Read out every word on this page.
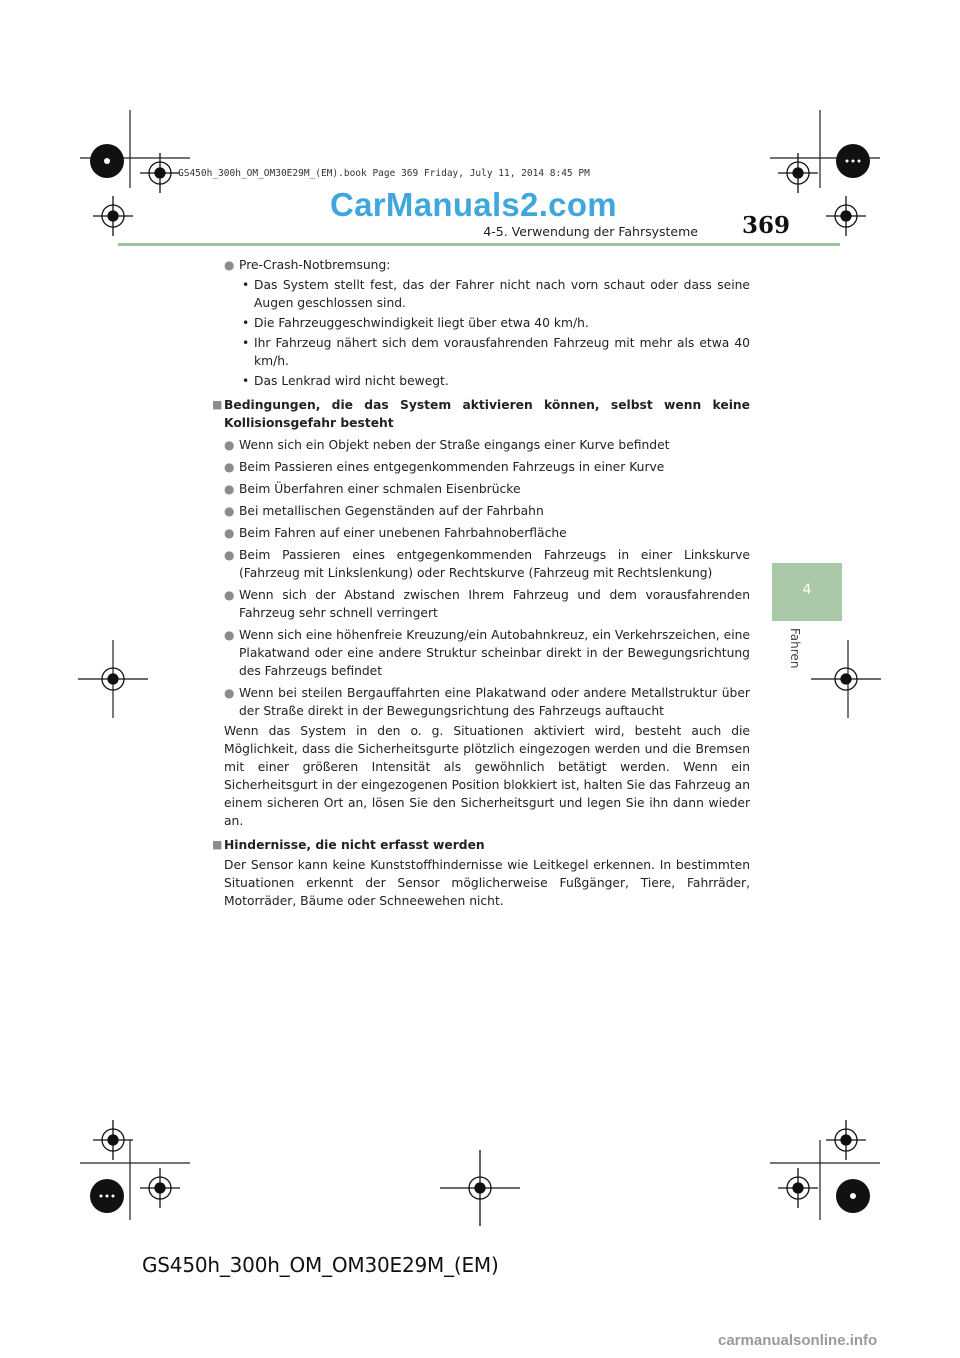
GS450h_300h_OM_OM30E29M_(EM).book Page 369 Friday, July 11, 2014 8:45 PM
CarManuals2.com
4-5. Verwendung der Fahrsysteme 369
4
Fahren
● Pre-Crash-Notbremsung:
• Das System stellt fest, das der Fahrer nicht nach vorn schaut oder dass seine Augen geschlossen sind.
• Die Fahrzeuggeschwindigkeit liegt über etwa 40 km/h.
• Ihr Fahrzeug nähert sich dem vorausfahrenden Fahrzeug mit mehr als etwa 40 km/h.
• Das Lenkrad wird nicht bewegt.
■ Bedingungen, die das System aktivieren können, selbst wenn keine Kollisionsgefahr besteht
● Wenn sich ein Objekt neben der Straße eingangs einer Kurve befindet
● Beim Passieren eines entgegenkommenden Fahrzeugs in einer Kurve
● Beim Überfahren einer schmalen Eisenbrücke
● Bei metallischen Gegenständen auf der Fahrbahn
● Beim Fahren auf einer unebenen Fahrbahnoberfläche
● Beim Passieren eines entgegenkommenden Fahrzeugs in einer Linkskurve (Fahrzeug mit Linkslenkung) oder Rechtskurve (Fahrzeug mit Rechtslenkung)
● Wenn sich der Abstand zwischen Ihrem Fahrzeug und dem vorausfahrenden Fahrzeug sehr schnell verringert
● Wenn sich eine höhenfreie Kreuzung/ein Autobahnkreuz, ein Verkehrszeichen, eine Plakatwand oder eine andere Struktur scheinbar direkt in der Bewegungsrichtung des Fahrzeugs befindet
● Wenn bei steilen Bergauffahrten eine Plakatwand oder andere Metallstruktur über der Straße direkt in der Bewegungsrichtung des Fahrzeugs auftaucht
Wenn das System in den o. g. Situationen aktiviert wird, besteht auch die Möglichkeit, dass die Sicherheitsgurte plötzlich eingezogen werden und die Bremsen mit einer größeren Intensität als gewöhnlich betätigt werden. Wenn ein Sicherheitsgurt in der eingezogenen Position blokkiert ist, halten Sie das Fahrzeug an einem sicheren Ort an, lösen Sie den Sicherheitsgurt und legen Sie ihn dann wieder an.
■ Hindernisse, die nicht erfasst werden
Der Sensor kann keine Kunststoffhindernisse wie Leitkegel erkennen. In bestimmten Situationen erkennt der Sensor möglicherweise Fußgänger, Tiere, Fahrräder, Motorräder, Bäume oder Schneewehen nicht.
GS450h_300h_OM_OM30E29M_(EM)
carmanualsonline.info
